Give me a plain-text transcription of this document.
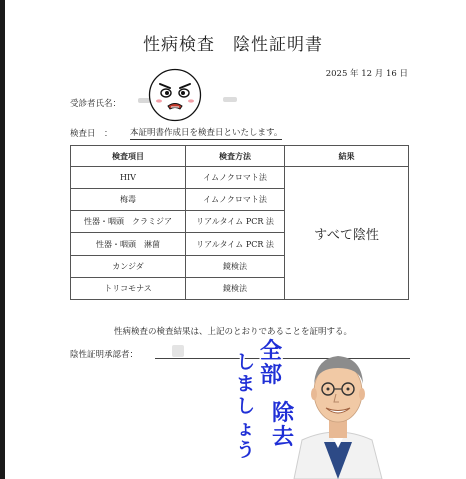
性病検査　陰性証明書
2025 年 12 月 16 日
受診者氏名：
検査日　： 本証明書作成日を検査日といたします。
検査項目	検査方法	結果
HIV	イムノクロマト法	すべて陰性
梅毒	イムノクロマト法	
性器・咽頭　クラミジア	リアルタイム PCR 法	
性器・咽頭　淋菌	リアルタイム PCR 法	
カンジダ	鏡検法	
トリコモナス	鏡検法	
性病検査の検査結果は、上記のとおりであることを証明する。
陰性証明承認者：	全
部
除
去
し
ま
し
ょ
う
